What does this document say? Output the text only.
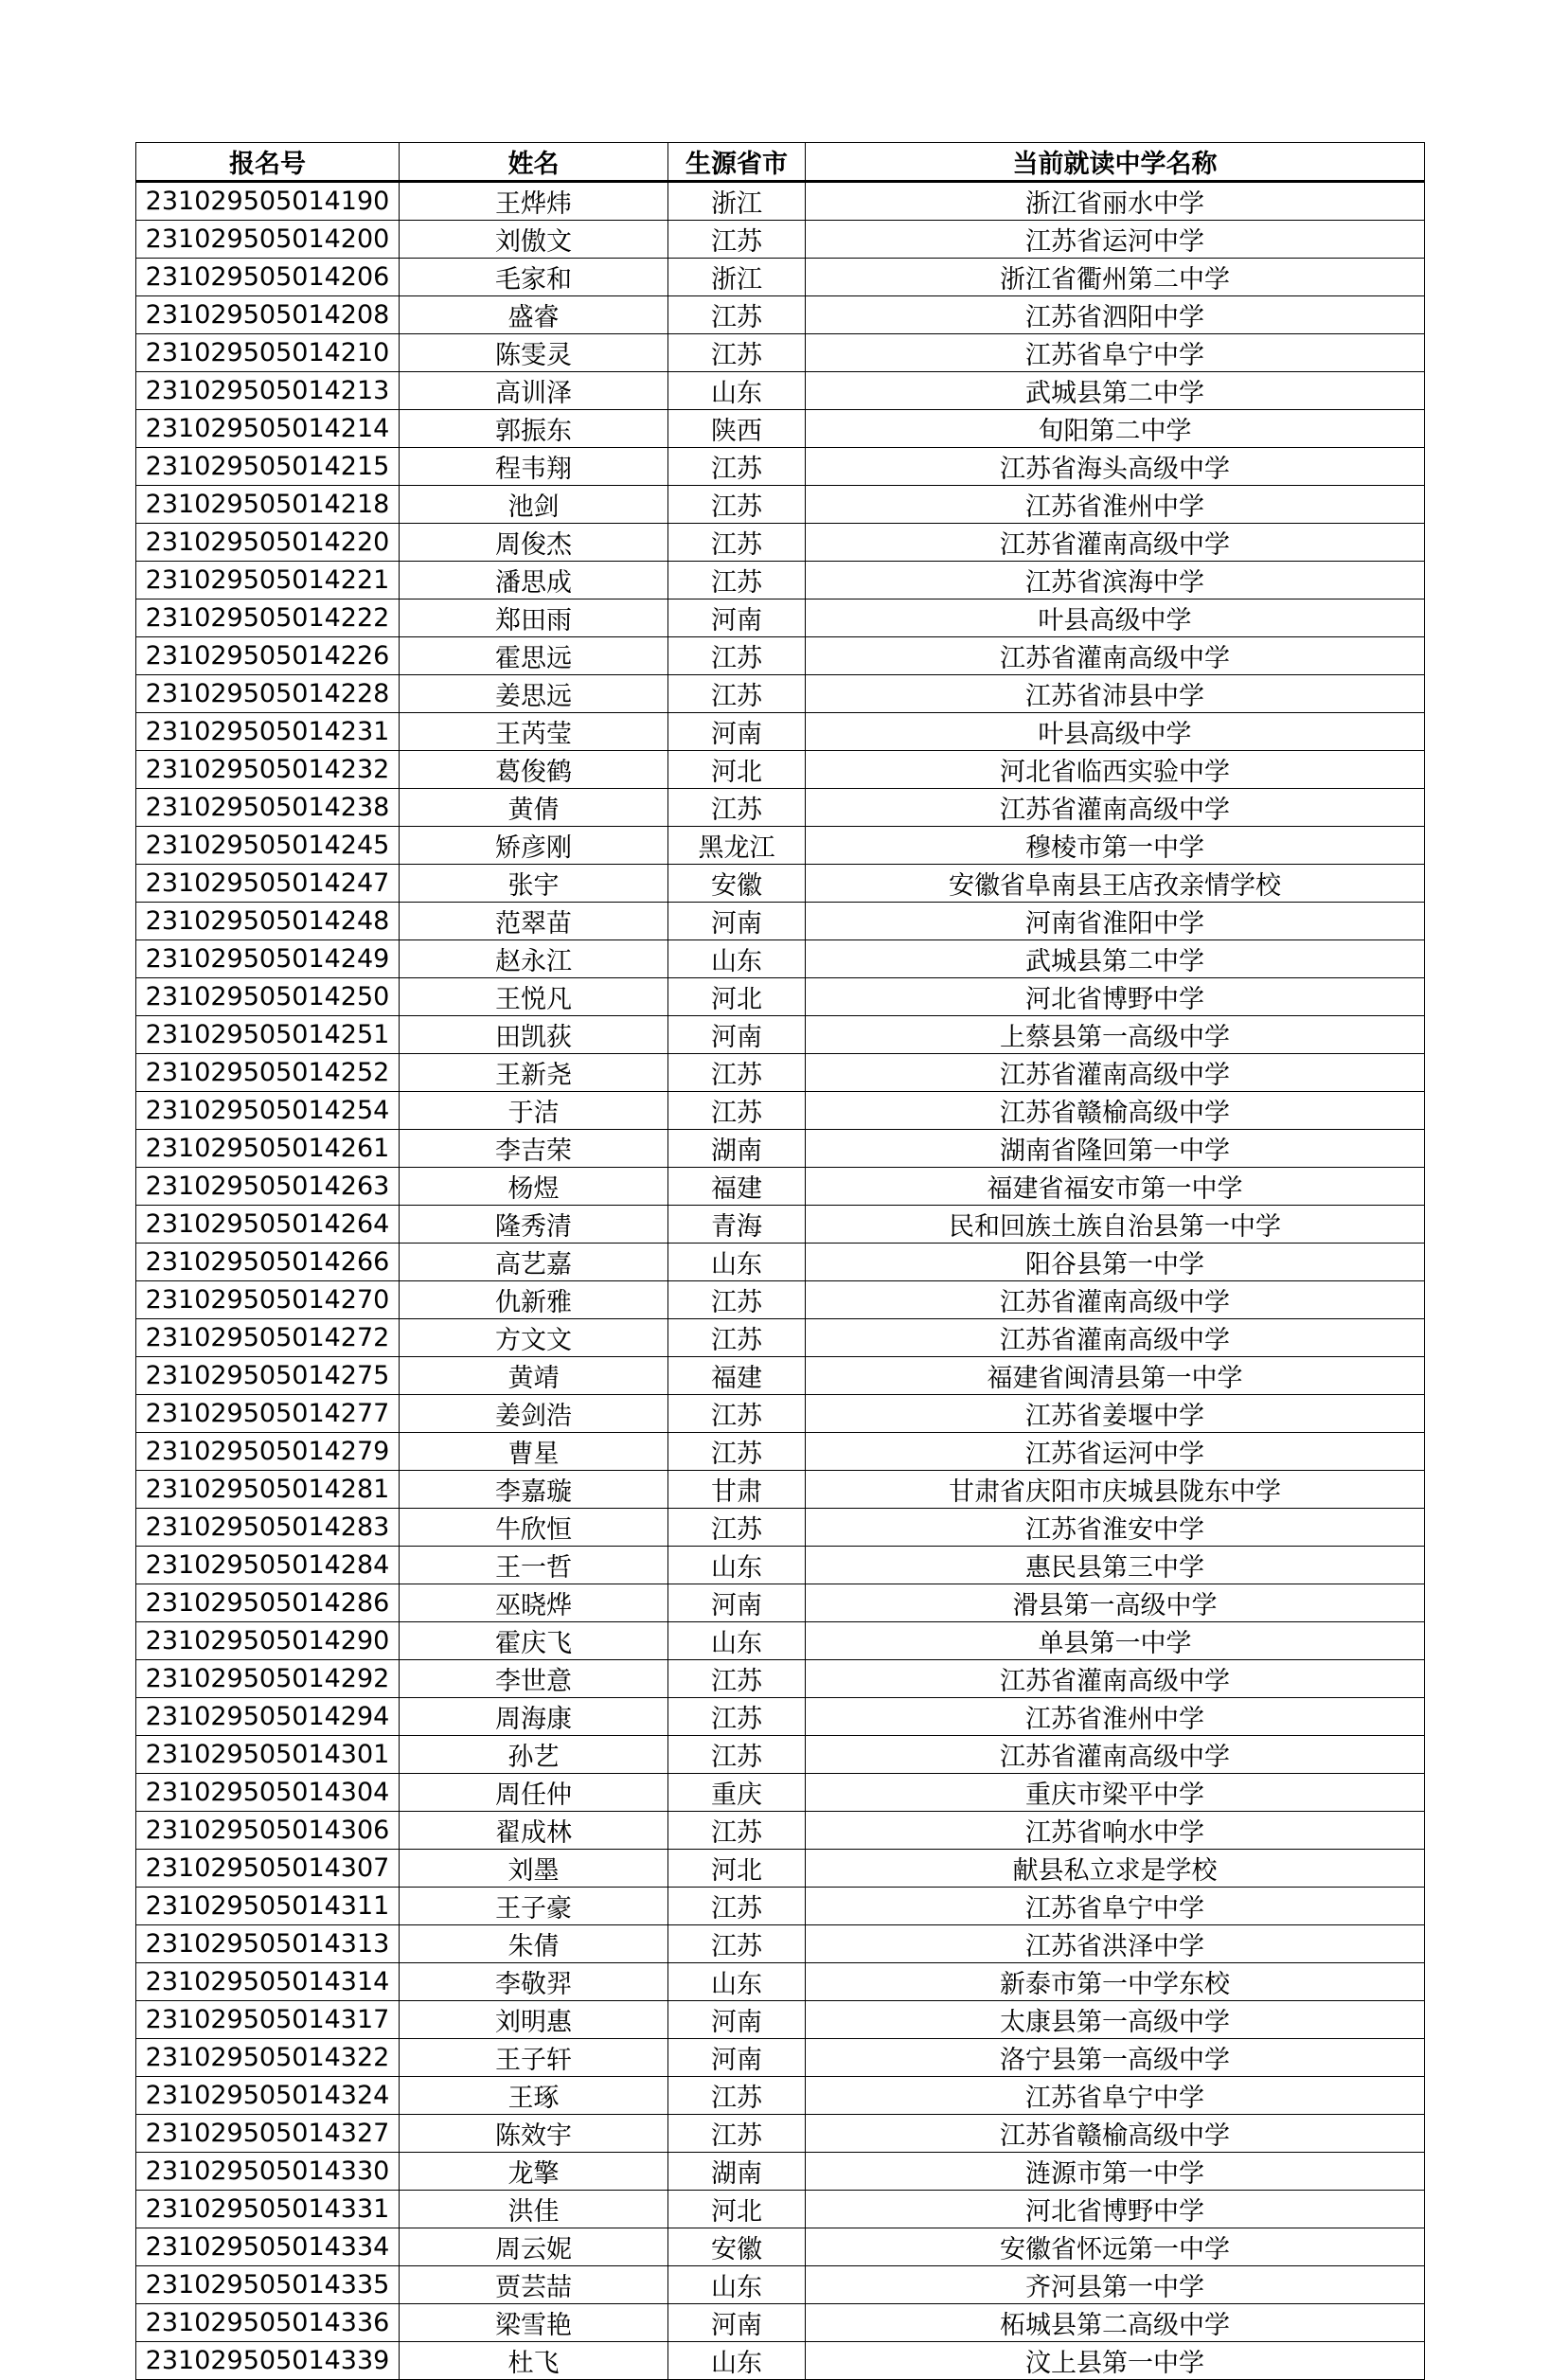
报名号	姓名	生源省市	当前就读中学名称
231029505014190	王烨炜	浙江	浙江省丽水中学
231029505014200	刘傲文	江苏	江苏省运河中学
231029505014206	毛家和	浙江	浙江省衢州第二中学
231029505014208	盛睿	江苏	江苏省泗阳中学
231029505014210	陈雯灵	江苏	江苏省阜宁中学
231029505014213	高训泽	山东	武城县第二中学
231029505014214	郭振东	陕西	旬阳第二中学
231029505014215	程韦翔	江苏	江苏省海头高级中学
231029505014218	池剑	江苏	江苏省淮州中学
231029505014220	周俊杰	江苏	江苏省灌南高级中学
231029505014221	潘思成	江苏	江苏省滨海中学
231029505014222	郑田雨	河南	叶县高级中学
231029505014226	霍思远	江苏	江苏省灌南高级中学
231029505014228	姜思远	江苏	江苏省沛县中学
231029505014231	王芮莹	河南	叶县高级中学
231029505014232	葛俊鹤	河北	河北省临西实验中学
231029505014238	黄倩	江苏	江苏省灌南高级中学
231029505014245	矫彦刚	黑龙江	穆棱市第一中学
231029505014247	张宇	安徽	安徽省阜南县王店孜亲情学校
231029505014248	范翠苗	河南	河南省淮阳中学
231029505014249	赵永江	山东	武城县第二中学
231029505014250	王悦凡	河北	河北省博野中学
231029505014251	田凯荻	河南	上蔡县第一高级中学
231029505014252	王新尧	江苏	江苏省灌南高级中学
231029505014254	于洁	江苏	江苏省赣榆高级中学
231029505014261	李吉荣	湖南	湖南省隆回第一中学
231029505014263	杨煜	福建	福建省福安市第一中学
231029505014264	隆秀清	青海	民和回族土族自治县第一中学
231029505014266	高艺嘉	山东	阳谷县第一中学
231029505014270	仇新雅	江苏	江苏省灌南高级中学
231029505014272	方文文	江苏	江苏省灌南高级中学
231029505014275	黄靖	福建	福建省闽清县第一中学
231029505014277	姜剑浩	江苏	江苏省姜堰中学
231029505014279	曹星	江苏	江苏省运河中学
231029505014281	李嘉璇	甘肃	甘肃省庆阳市庆城县陇东中学
231029505014283	牛欣恒	江苏	江苏省淮安中学
231029505014284	王一哲	山东	惠民县第三中学
231029505014286	巫晓烨	河南	滑县第一高级中学
231029505014290	霍庆飞	山东	单县第一中学
231029505014292	李世意	江苏	江苏省灌南高级中学
231029505014294	周海康	江苏	江苏省淮州中学
231029505014301	孙艺	江苏	江苏省灌南高级中学
231029505014304	周任仲	重庆	重庆市梁平中学
231029505014306	翟成林	江苏	江苏省响水中学
231029505014307	刘墨	河北	献县私立求是学校
231029505014311	王子豪	江苏	江苏省阜宁中学
231029505014313	朱倩	江苏	江苏省洪泽中学
231029505014314	李敬羿	山东	新泰市第一中学东校
231029505014317	刘明惠	河南	太康县第一高级中学
231029505014322	王子轩	河南	洛宁县第一高级中学
231029505014324	王琢	江苏	江苏省阜宁中学
231029505014327	陈效宇	江苏	江苏省赣榆高级中学
231029505014330	龙擎	湖南	涟源市第一中学
231029505014331	洪佳	河北	河北省博野中学
231029505014334	周云妮	安徽	安徽省怀远第一中学
231029505014335	贾芸喆	山东	齐河县第一中学
231029505014336	梁雪艳	河南	柘城县第二高级中学
231029505014339	杜飞	山东	汶上县第一中学
